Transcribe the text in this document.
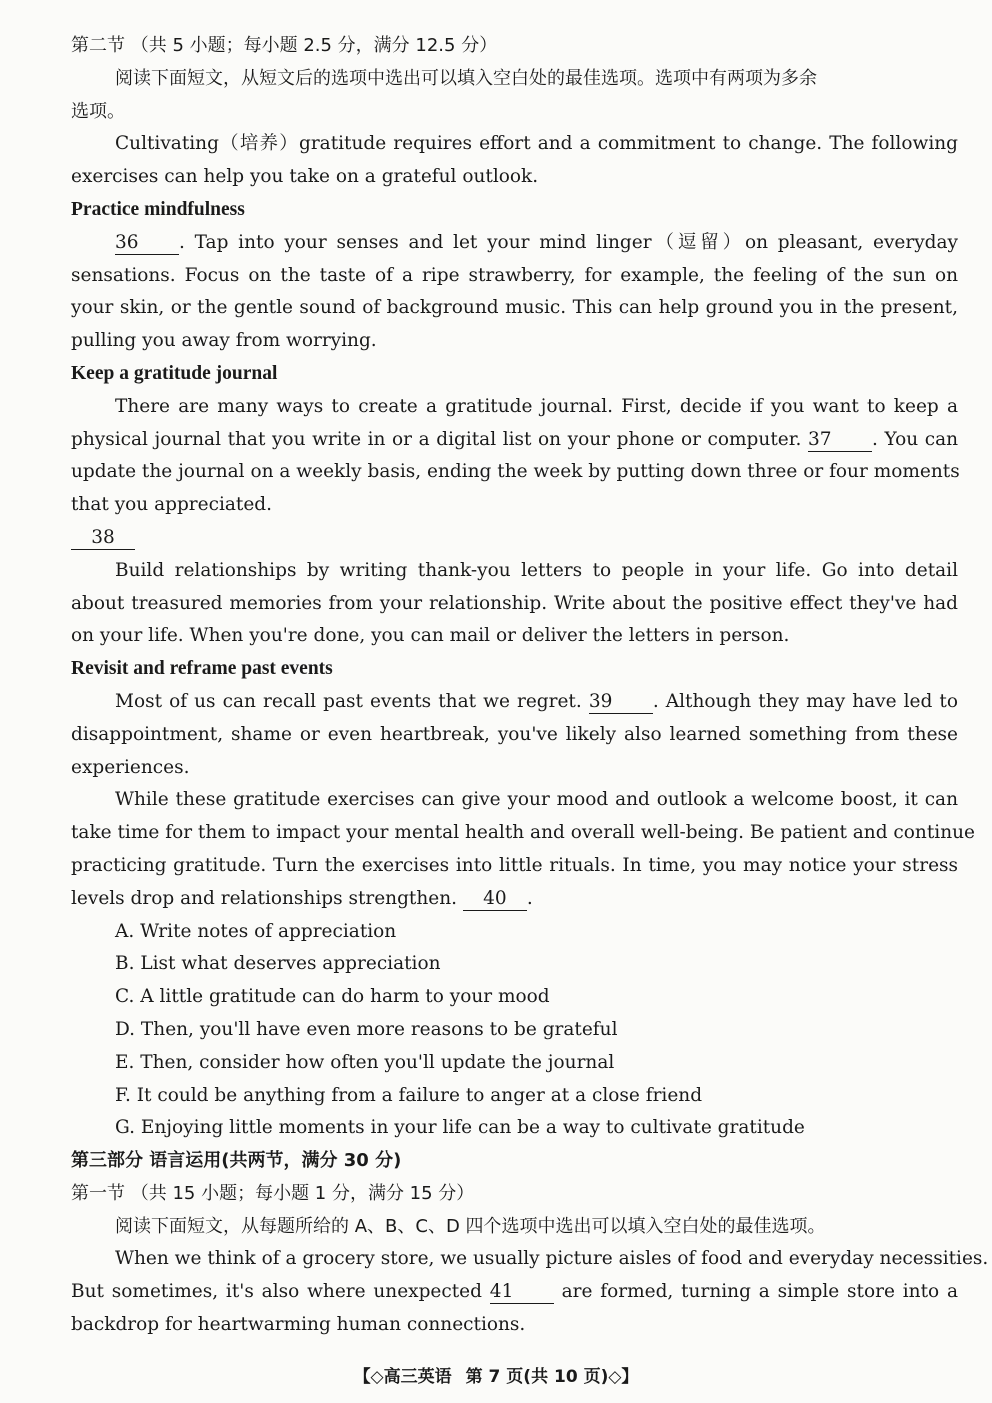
第二节 （共 5 小题；每小题 2.5 分，满分 12.5 分）

阅读下面短文，从短文后的选项中选出可以填入空白处的最佳选项。选项中有两项为多余

选项。

Cultivating（培养）gratitude requires effort and a commitment to change. The following

exercises can help you take on a grateful outlook.

Practice mindfulness

36 . Tap into your senses and let your mind linger（逗留）on pleasant, everyday

sensations. Focus on the taste of a ripe strawberry, for example, the feeling of the sun on

your skin, or the gentle sound of background music. This can help ground you in the present,

pulling you away from worrying.

Keep a gratitude journal

There are many ways to create a gratitude journal. First, decide if you want to keep a

physical journal that you write in or a digital list on your phone or computer. 37 . You can

update the journal on a weekly basis, ending the week by putting down three or four moments

that you appreciated.

38

Build relationships by writing thank-you letters to people in your life. Go into detail

about treasured memories from your relationship. Write about the positive effect they've had

on your life. When you're done, you can mail or deliver the letters in person.

Revisit and reframe past events

Most of us can recall past events that we regret. 39 . Although they may have led to

disappointment, shame or even heartbreak, you've likely also learned something from these

experiences.

While these gratitude exercises can give your mood and outlook a welcome boost, it can

take time for them to impact your mental health and overall well-being. Be patient and continue

practicing gratitude. Turn the exercises into little rituals. In time, you may notice your stress

levels drop and relationships strengthen. 40 .

A. Write notes of appreciation

B. List what deserves appreciation

C. A little gratitude can do harm to your mood

D. Then, you'll have even more reasons to be grateful

E. Then, consider how often you'll update the journal

F. It could be anything from a failure to anger at a close friend

G. Enjoying little moments in your life can be a way to cultivate gratitude

第三部分 语言运用(共两节，满分 30 分)

第一节 （共 15 小题；每小题 1 分，满分 15 分）

阅读下面短文，从每题所给的 A、B、C、D 四个选项中选出可以填入空白处的最佳选项。

When we think of a grocery store, we usually picture aisles of food and everyday necessities.

But sometimes, it's also where unexpected 41	are formed, turning a simple store into a

backdrop for heartwarming human connections.

【◇高三英语 第 7 页(共 10 页)◇】
